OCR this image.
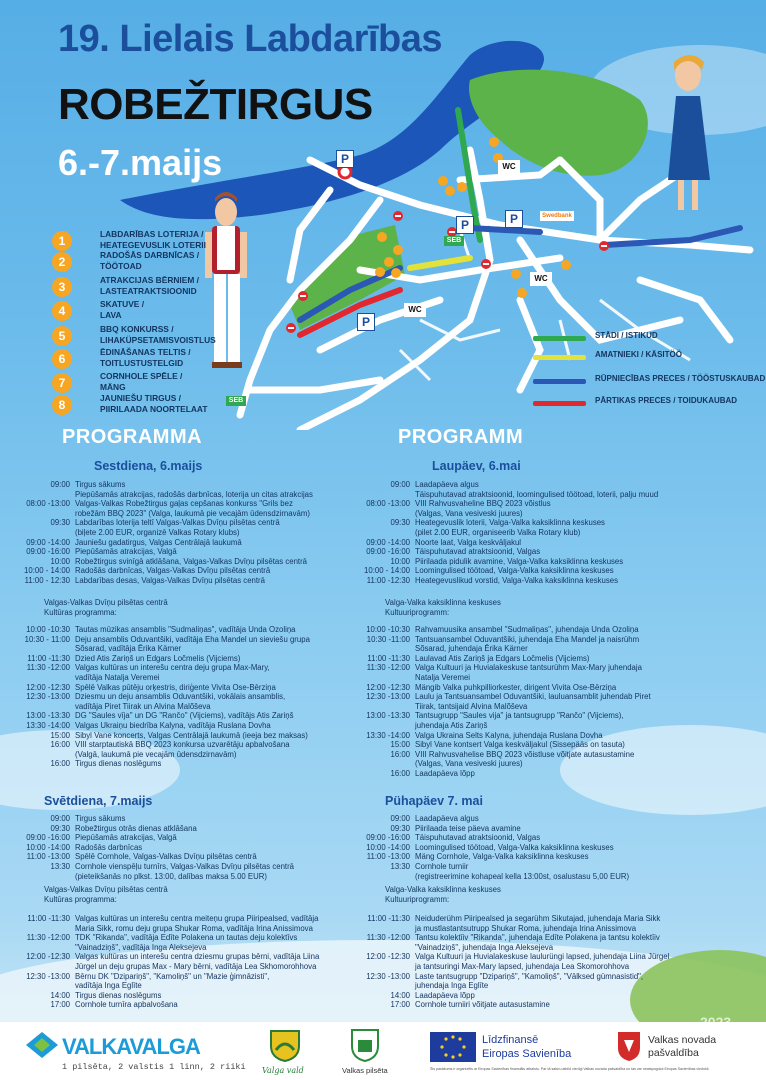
19. Lielais Labdarības
ROBEŽTIRGUS
6.-7.maijs	P
P	P
P
WC
WC
WC
SEB
SEB
Swedbank
1	LABDARĪBAS LOTERIJA /
HEATEGEVUSLIK LOTERII
2	RADOŠĀS DARBNĪCAS /
TÖÖTOAD
3	ATRAKCIJAS BĒRNIEM /
LASTEATRAKTSIOONID
4	SKATUVE /
LAVA
5	BBQ KONKURSS /
LIHAKÜPSETAMISVOISTLUS
6	ĒDINĀŠANAS TELTIS /
TOITLUSTUSTELGID
7	CORNHOLE SPĒLE /
MÄNG
8	JAUNIEŠU TIRGUS /
PIIRILAADA NOORTELAAT
STĀDI / ISTIKUD
AMATNIEKI / KÄSITÖÖ
RŪPNIECĪBAS PRECES / TÖÖSTUSKAUBAD
PĀRTIKAS PRECES / TOIDUKAUBAD
PROGRAMMA	PROGRAMM
Sestdiena, 6.maijs
09:00 Tirgus sākums
Piepūšamās atrakcijas, radošās darbnīcas, loterija un citas atrakcijas
08:00 -13:00 Valgas-Valkas Robežtirgus gaļas cepšanas konkurss "Grils bez
robežām BBQ 2023" (Valga, laukumā pie vecajām ūdensdzirnavām)
09:30 Labdarības loterija teltī Valgas-Valkas Dvīņu pilsētas centrā
(biļete 2.00 EUR, organizē Valkas Rotary klubs)
09:00 -14:00 Jauniešu gadatirgus, Valgas Centrālajā laukumā
09:00 -16:00 Piepūšamās atrakcijas, Valgā
10:00 Robežtirgus svinīgā atklāšana, Valgas-Valkas Dvīņu pilsētas centrā
10:00 - 14:00 Radošās darbnīcas, Valgas-Valkas Dvīņu pilsētas centrā
11:00 - 12:30 Labdarības desas, Valgas-Valkas Dvīņu pilsētas centrā
Valgas-Valkas Dvīņu pilsētas centrā
Kultūras programma:
10:00 -10:30 Tautas mūzikas ansamblis "Sudmaliņas", vadītāja Unda Ozoliņa
10:30 - 11:00 Deju ansamblis Oduvantšiki, vadītāja Eha Mandel un sieviešu grupa
Sõsarad, vadītāja Ērika Kärner
11:00 -11:30 Dzied Atis Zariņš un Edgars Ločmelis (Vijciems)
11:30 -12:00 Valgas kultūras un interešu centra deju grupa Max-Mary,
vadītāja Natalja Veremei
12:00 -12:30 Spēlē Valkas pūtēju orķestris, diriģente Vivita Ose-Bērziņa
12:30 -13:00 Dziesmu un deju ansamblis Oduvantšiki, vokālais ansamblis,
vadītāja Piret Tiirak un Alvina Malõševa
13:00 -13:30 DG "Saules vīja" un DG "Rančo" (Vijciems), vadītājs Atis Zariņš
13:30 -14:00 Valgas Ukraiņu biedrība Kalyna, vadītāja Ruslana Dovha
15:00 Sibyl Vane koncerts, Valgas Centrālajā laukumā (ieeja bez maksas)
16:00 VIII starptautiskā BBQ 2023 konkursa uzvarētāju apbalvošana
(Valgā, laukumā pie vecajām ūdensdzirnavām)
16:00 Tirgus dienas noslēgums
Svētdiena, 7.maijs
09:00 Tirgus sākums
09:30 Robežtirgus otrās dienas atklāšana
09:00 -16:00 Piepūšamās atrakcijas, Valgā
10:00 -14:00 Radošās darbnīcas
11:00 -13:00 Spēlē Cornhole, Valgas-Valkas Dvīņu pilsētas centrā
13:30 Cornhole vienspēļu turnīrs, Valgas-Valkas Dvīņu pilsētas centrā
(pieteikšanās no plkst. 13:00, dalības maksa 5.00 EUR)
Valgas-Valkas Dvīņu pilsētas centrā
Kultūras programma:
11:00 -11:30 Valgas kultūras un interešu centra meiteņu grupa Piiripealsed, vadītāja
Maria Sikk, romu deju grupa Shukar Roma, vadītāja Irina Anissimova
11:30 -12:00 TDK "Rikanda", vadītāja Edīte Polakena un tautas deju kolektīvs
"Vainadziņš", vadītāja Inga Aleksejeva
12:00 -12:30 Valgas kultūras un interešu centra dziesmu grupas bērni, vadītāja Liina
Jürgel un deju grupas Max - Mary bērni, vadītāja Lea Skhomorohhova
12:30 -13:00 Bērnu DK "Dzipariņš", "Kamoliņš" un "Mazie ģimnāzisti",
vadītāja Inga Eglīte
14:00 Tirgus dienas noslēgums
17:00 Cornhole turnīra apbalvošana
Laupäev, 6.mai
09:00 Laadapäeva algus
Täispuhutavad atraktsioonid, loomingulised töötoad, loterii, palju muud
08:00 -13:00 VIII Rahvusvaheline BBQ 2023 võistlus
(Valgas, Vana vesiveski juures)
09:30 Heategevuslik loterii, Valga-Valka kaksiklinna keskuses
(pilet 2.00 EUR, organiseerib Valka Rotary klub)
09:00 -14:00 Noorte laat, Valga keskväljakul
09:00 -16:00 Täispuhutavad atraktsioonid, Valgas
10:00 Piirilaada pidulik avamine, Valga-Valka kaksiklinna keskuses
10:00 - 14:00 Loomingulised töötoad, Valga-Valka kaksiklinna keskuses
11:00 -12:30 Heategevuslikud vorstid, Valga-Valka kaksiklinna keskuses
Valga-Valka kaksiklinna keskuses
Kultuuriprogramm:
10:00 -10:30 Rahvamuusika ansambel "Sudmaliņas", juhendaja Unda Ozoliņa
10:30 -11:00 Tantsuansambel Oduvantšiki, juhendaja Eha Mandel ja naisrühm
Sõsarad, juhendaja Ērika Kärner
11:00 -11:30 Laulavad Atis Zariņš ja Edgars Ločmelis (Vijciems)
11:30 -12:00 Valga Kultuuri ja Huvialakeskuse tantsurühm Max-Mary juhendaja
Natalja Veremei
12:00 -12:30 Mängib Valka puhkpilliorkester, dirigent Vivita Ose-Bērziņa
12:30 -13:00 Laulu ja Tantsuansambel Oduvantšiki, lauluansamblit juhendab Piret
Tiirak, tantsijaid Alvina Malõševa
13:00 -13:30 Tantsugrupp "Saules vija" ja tantsugrupp "Rančo" (Vijciems),
juhendaja Atis Zariņš
13:30 -14:00 Valga Ukraina Selts Kalyna, juhendaja Ruslana Dovha
15:00 Sibyl Vane kontsert Valga keskväljakul (Sissepääs on tasuta)
16:00 VIII Rahvusvahelise BBQ 2023 võistluse võitjate autasustamine
(Valgas, Vana vesiveski juures)
16:00 Laadapäeva lõpp
Pühapäev 7. mai
09:00 Laadapäeva algus
09:30 Piirilaada teise päeva avamine
09:00 -16:00 Täispuhutavad atraktsioonid, Valgas
10:00 -14:00 Loomingulised töötoad, Valga-Valka kaksiklinna keskuses
11:00 -13:00 Mäng Cornhole, Valga-Valka kaksiklinna keskuses
13:30 Cornhole turniir
(registreerimine kohapeal kella 13:00st, osalustasu 5,00 EUR)
Valga-Valka kaksiklinna keskuses
Kultuuriprogramm:
11:00 -11:30 Neiduderühm Piiripealsed ja segarühm Sikutajad, juhendaja Maria Sikk
ja mustlastantsutrupp Shukar Roma, juhendaja Irina Anissimova
11:30 -12:00 Tantsu kolektīiv "Rikanda", juhendaja Edīte Polakena ja tantsu kolektīiv
"Vainadziņš", juhendaja Inga Aleksejeva
12:00 -12:30 Valga Kultuuri ja Huvialakeskuse laulurüngi lapsed, juhendaja Liina Jürgel
ja tantsuringi Max-Mary lapsed, juhendaja Lea Skomorohhova
12:30 -13:00 Laste tantsugrupp "Dzipariņš", "Kamoliņš", "Vālksed gümnasistid",
juhendaja Inga Eglīte
14:00 Laadapäeva lõpp
17:00 Cornhole turniiri võitjate autasustamine
VALKAVALGA
1 pilsēta, 2 valstis 1 linn, 2 riiki Valga vald	Valkas pilsēta
Līdzfinansē
Eiropas Savienība
Valkas novada
pašvaldība
Šis pasākums ir organizēts ar Eiropas Savienības finansiālu atbalstu. Par tā saturu atbild vienīgi Valkas novada pašvaldība un tas var neatspoguļot Eiropas Savienības viedokli.
